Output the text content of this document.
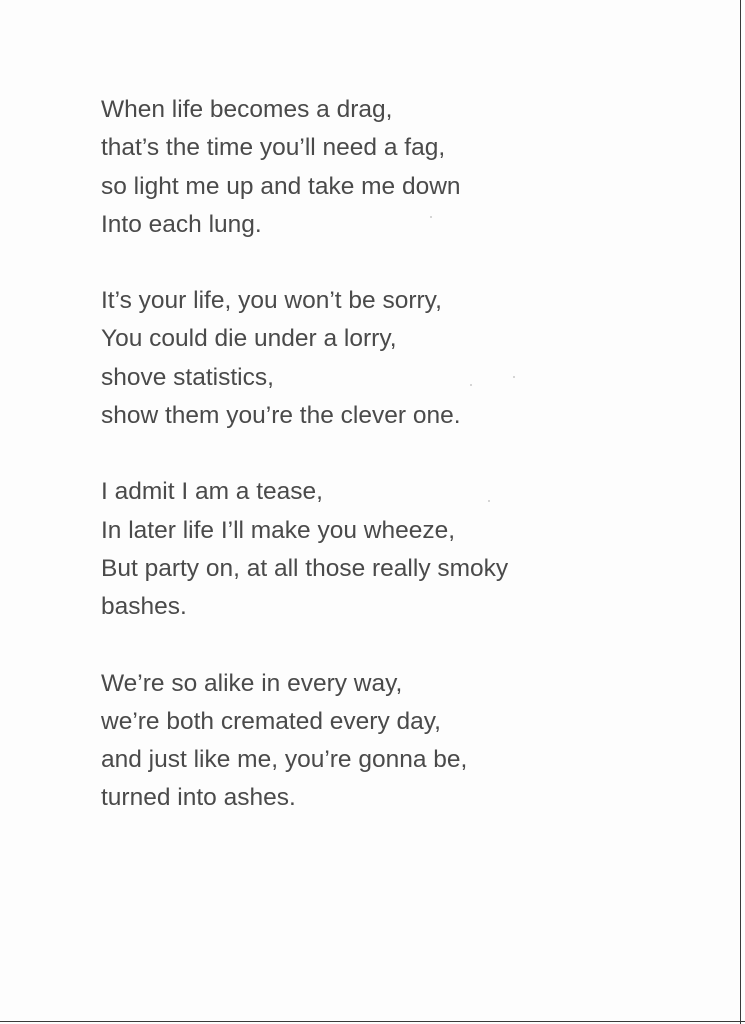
When life becomes a drag,
that’s the time you’ll need a fag,
so light me up and take me down
Into each lung.
It’s your life, you won’t be sorry,
You could die under a lorry,
shove statistics,
show them you’re the clever one.
I admit I am a tease,
In later life I’ll make you wheeze,
But party on, at all those really smoky
bashes.
We’re so alike in every way,
we’re both cremated every day,
and just like me, you’re gonna be,
turned into ashes.
